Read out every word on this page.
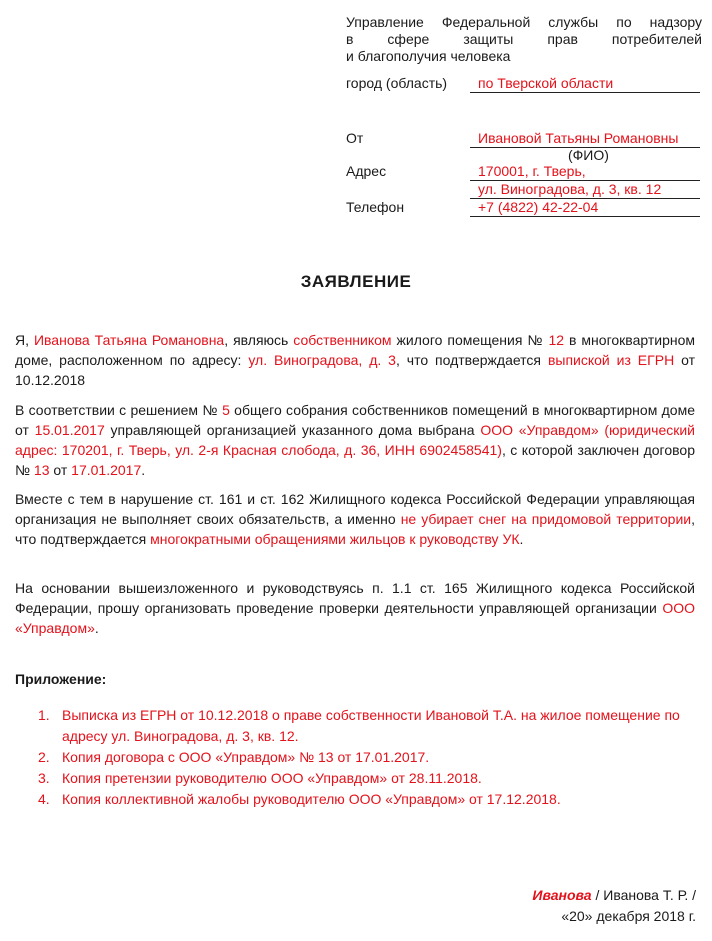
Управление Федеральной службы по надзору
в сфере защиты прав потребителей
и благополучия человека
город (область)	по Тверской области
От	Ивановой Татьяны Романовны
(ФИО)
Адрес	170001, г. Тверь,
ул. Виноградова, д. 3, кв. 12
Телефон	+7 (4822) 42-22-04
ЗАЯВЛЕНИЕ

Я, Иванова Татьяна Романовна, являюсь собственником жилого помещения № 12 в многоквартирном доме, расположенном по адресу: ул. Виноградова, д. 3, что подтверждается выпиской из ЕГРН от 10.12.2018

В соответствии с решением № 5 общего собрания собственников помещений в многоквартирном доме от 15.01.2017 управляющей организацией указанного дома выбрана ООО «Управдом» (юридический адрес: 170201, г. Тверь, ул. 2-я Красная слобода, д. 36, ИНН 6902458541), с которой заключен договор № 13 от 17.01.2017.

Вместе с тем в нарушение ст. 161 и ст. 162 Жилищного кодекса Российской Федерации управляющая организация не выполняет своих обязательств, а именно не убирает снег на придомовой территории, что подтверждается многократными обращениями жильцов к руководству УК.

На основании вышеизложенного и руководствуясь п. 1.1 ст. 165 Жилищного кодекса Российской Федерации, прошу организовать проведение проверки деятельности управляющей организации ООО «Управдом».

Приложение:
1. Выписка из ЕГРН от 10.12.2018 о праве собственности Ивановой Т.А. на жилое помещение по адресу ул. Виноградова, д. 3, кв. 12.
2. Копия договора с ООО «Управдом» № 13 от 17.01.2017.
3. Копия претензии руководителю ООО «Управдом» от 28.11.2018.
4. Копия коллективной жалобы руководителю ООО «Управдом» от 17.12.2018.
Иванова / Иванова Т. Р. /
«20» декабря 2018 г.
